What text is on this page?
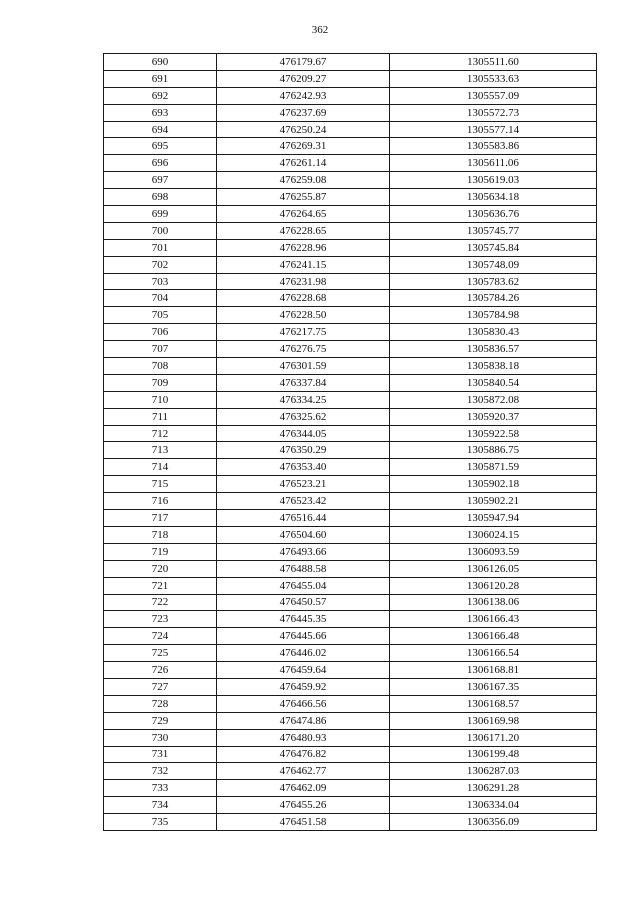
362
690	476179.67	1305511.60
691	476209.27	1305533.63
692	476242.93	1305557.09
693	476237.69	1305572.73
694	476250.24	1305577.14
695	476269.31	1305583.86
696	476261.14	1305611.06
697	476259.08	1305619.03
698	476255.87	1305634.18
699	476264.65	1305636.76
700	476228.65	1305745.77
701	476228.96	1305745.84
702	476241.15	1305748.09
703	476231.98	1305783.62
704	476228.68	1305784.26
705	476228.50	1305784.98
706	476217.75	1305830.43
707	476276.75	1305836.57
708	476301.59	1305838.18
709	476337.84	1305840.54
710	476334.25	1305872.08
711	476325.62	1305920.37
712	476344.05	1305922.58
713	476350.29	1305886.75
714	476353.40	1305871.59
715	476523.21	1305902.18
716	476523.42	1305902.21
717	476516.44	1305947.94
718	476504.60	1306024.15
719	476493.66	1306093.59
720	476488.58	1306126.05
721	476455.04	1306120.28
722	476450.57	1306138.06
723	476445.35	1306166.43
724	476445.66	1306166.48
725	476446.02	1306166.54
726	476459.64	1306168.81
727	476459.92	1306167.35
728	476466.56	1306168.57
729	476474.86	1306169.98
730	476480.93	1306171.20
731	476476.82	1306199.48
732	476462.77	1306287.03
733	476462.09	1306291.28
734	476455.26	1306334.04
735	476451.58	1306356.09
